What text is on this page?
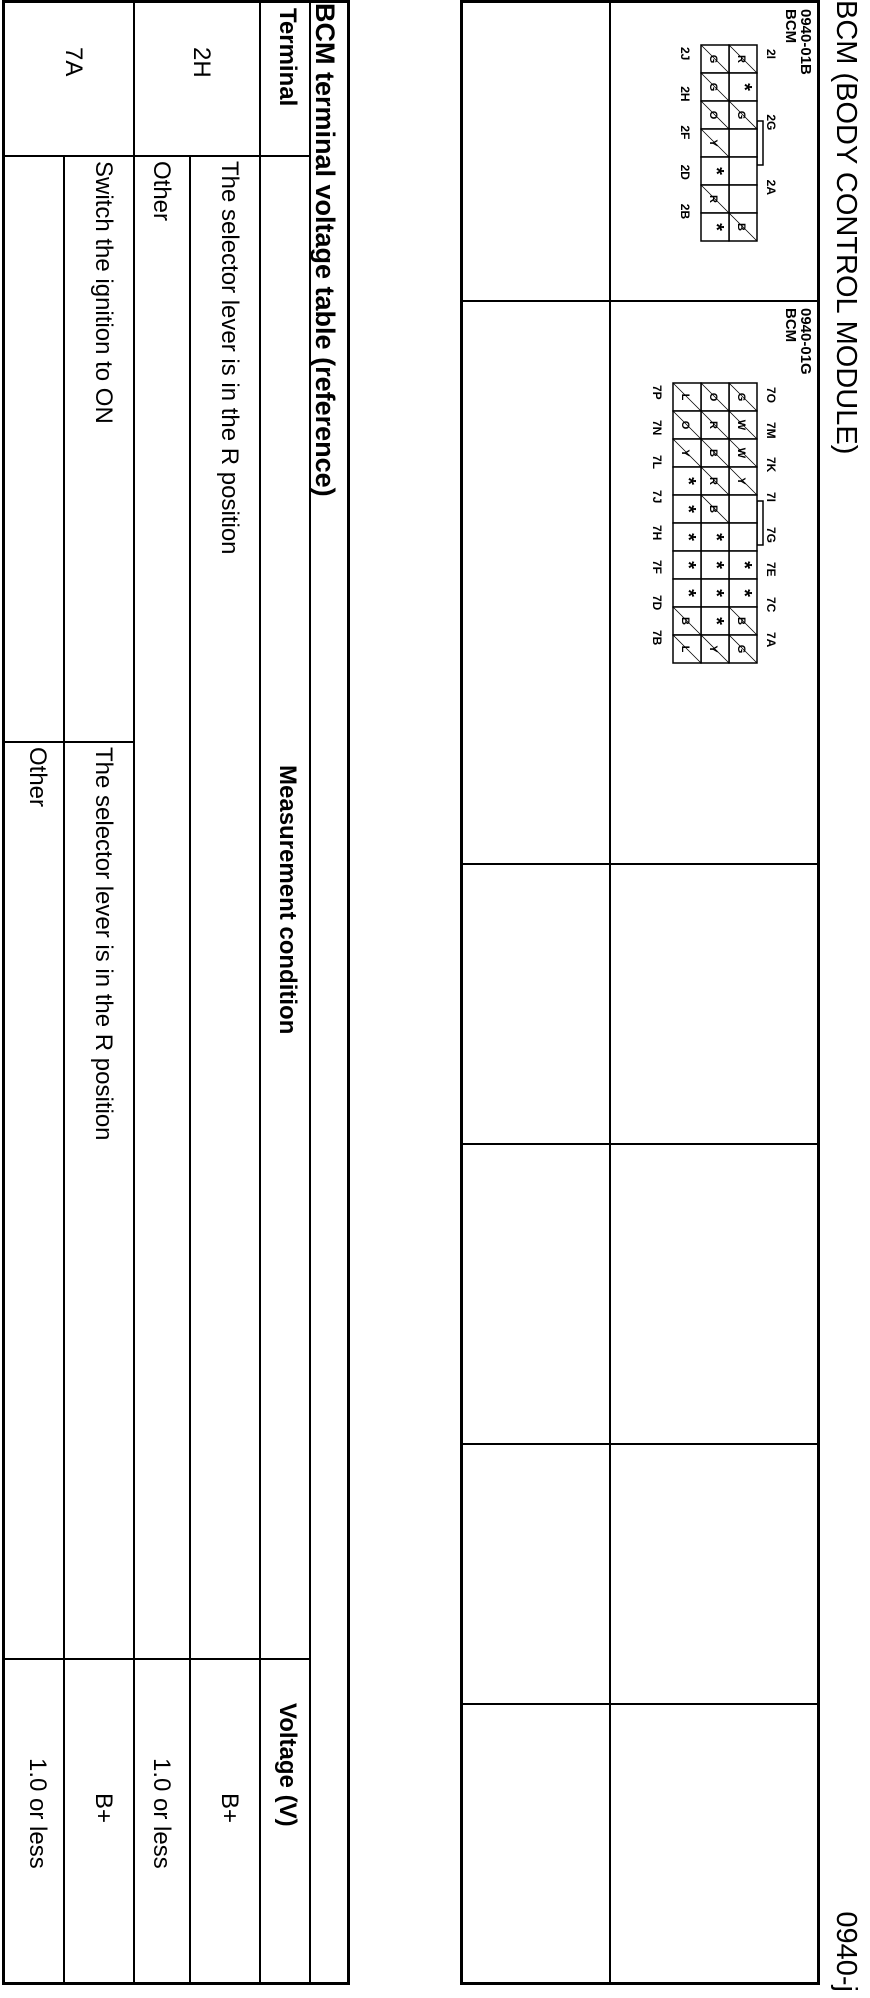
BCM (BODY CONTROL MODULE)
0940-j
0940-01B
BCM
2I
2G
2A
R
*
G
B
G
G
O
Y
*
R
*
2J
2H
2F
2D
2B
0940-01G
BCM
7O
7M
7K
7I
7G
7E
7C
7A
G
W
W
Y
*
*
B
G
O
R
B
R
B
*
*
*
*
Y
L
O
Y
*
*
*
*
*
B
L
7P
7N
7L
7J
7H
7F
7D
7B
Terminal
Measurement condition
Voltage (V)
2H
The selector lever is in the R position
B+
Other
1.0 or less
7A
Switch the ignition to ON
The selector lever is in the R position
B+
Other
1.0 or less
BCM terminal voltage table (reference)
